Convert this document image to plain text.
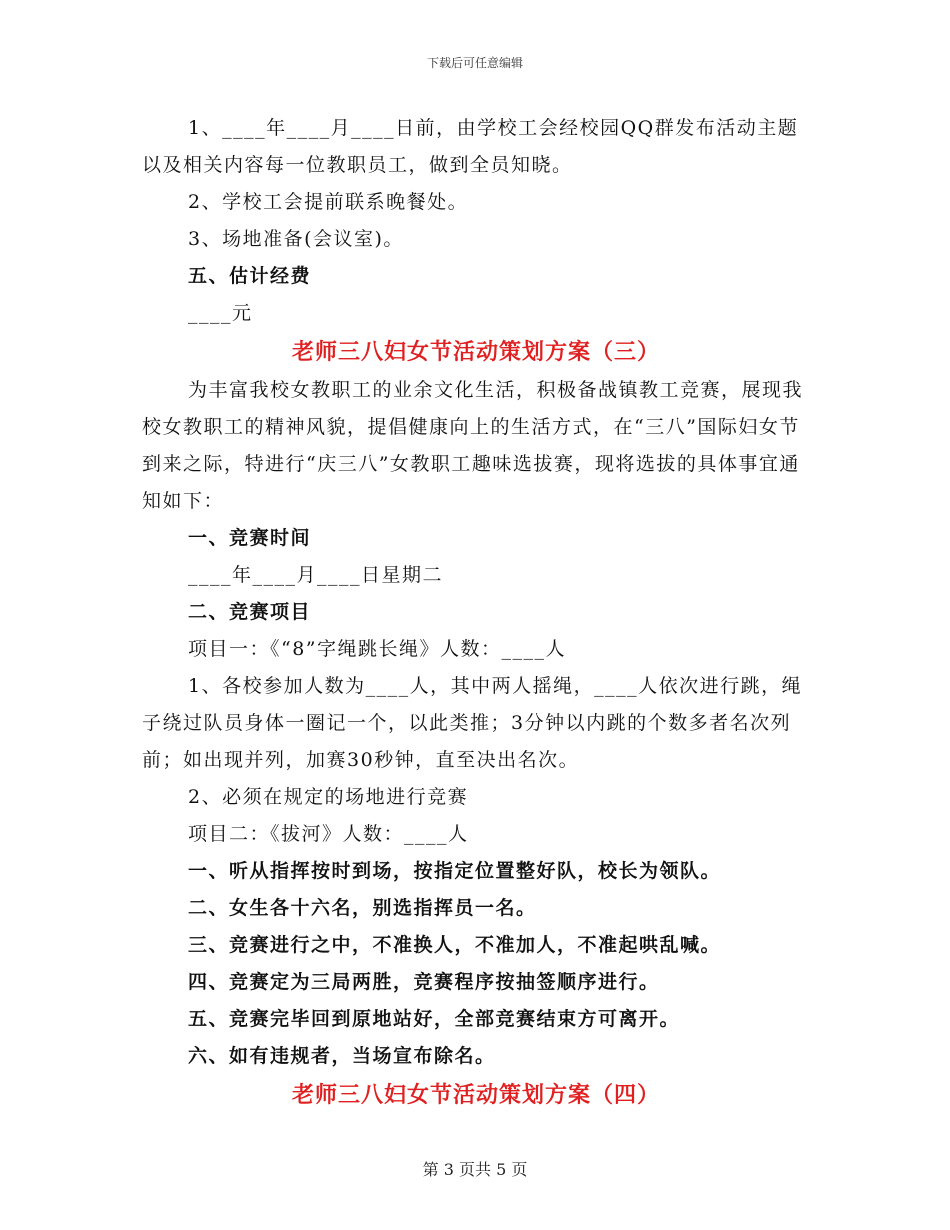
下载后可任意编辑

1、____年____月____日前，由学校工会经校园QQ群发布活动主题以及相关内容每一位教职员工，做到全员知晓。

2、学校工会提前联系晚餐处。

3、场地准备(会议室)。

五、估计经费

____元

老师三八妇女节活动策划方案（三）

为丰富我校女教职工的业余文化生活，积极备战镇教工竞赛，展现我校女教职工的精神风貌，提倡健康向上的生活方式，在“三八”国际妇女节到来之际，特进行“庆三八”女教职工趣味选拔赛，现将选拔的具体事宜通知如下：

一、竞赛时间

____年____月____日星期二

二、竞赛项目

项目一：《“8”字绳跳长绳》人数：____人

1、各校参加人数为____人，其中两人摇绳，____人依次进行跳，绳子绕过队员身体一圈记一个，以此类推；3分钟以内跳的个数多者名次列前；如出现并列，加赛30秒钟，直至决出名次。

2、必须在规定的场地进行竞赛

项目二：《拔河》人数：____人

一、听从指挥按时到场，按指定位置整好队，校长为领队。

二、女生各十六名，别选指挥员一名。

三、竞赛进行之中，不准换人，不准加人，不准起哄乱喊。

四、竞赛定为三局两胜，竞赛程序按抽签顺序进行。

五、竞赛完毕回到原地站好，全部竞赛结束方可离开。

六、如有违规者，当场宣布除名。

老师三八妇女节活动策划方案（四）

第 3 页共 5 页
